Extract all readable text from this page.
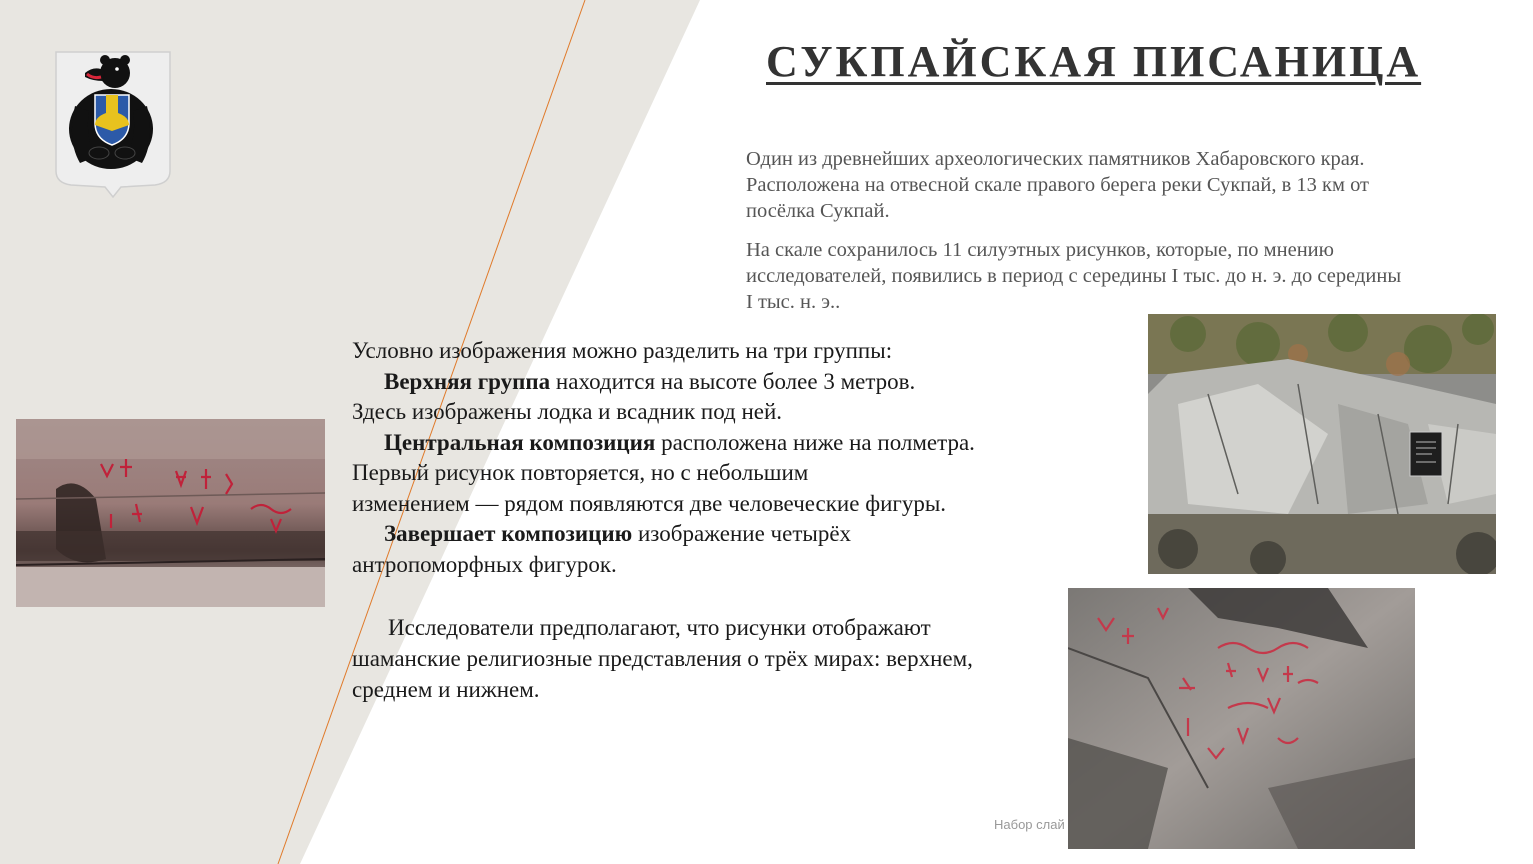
СУКПАЙСКАЯ ПИСАНИЦА

Один из древнейших археологических памятников Хабаровского края. Расположена на отвесной скале правого берега реки Сукпай, в 13 км от посёлка Сукпай.

На скале сохранилось 11 силуэтных рисунков, которые, по мнению исследователей, появились в период с середины I тыс. до н. э. до середины I тыс. н. э..

Условно изображения можно разделить на три группы:
Верхняя группа находится на высоте более 3 метров.
Здесь изображены лодка и всадник под ней.
Центральная композиция расположена ниже на полметра.
Первый рисунок повторяется, но с небольшим
изменением — рядом появляются две человеческие фигуры.
Завершает композицию изображение четырёх
антропоморфных фигурок.
Исследователи предполагают, что рисунки отображают
шаманские религиозные представления о трёх мирах: верхнем,
среднем и нижнем.
Набор слай
